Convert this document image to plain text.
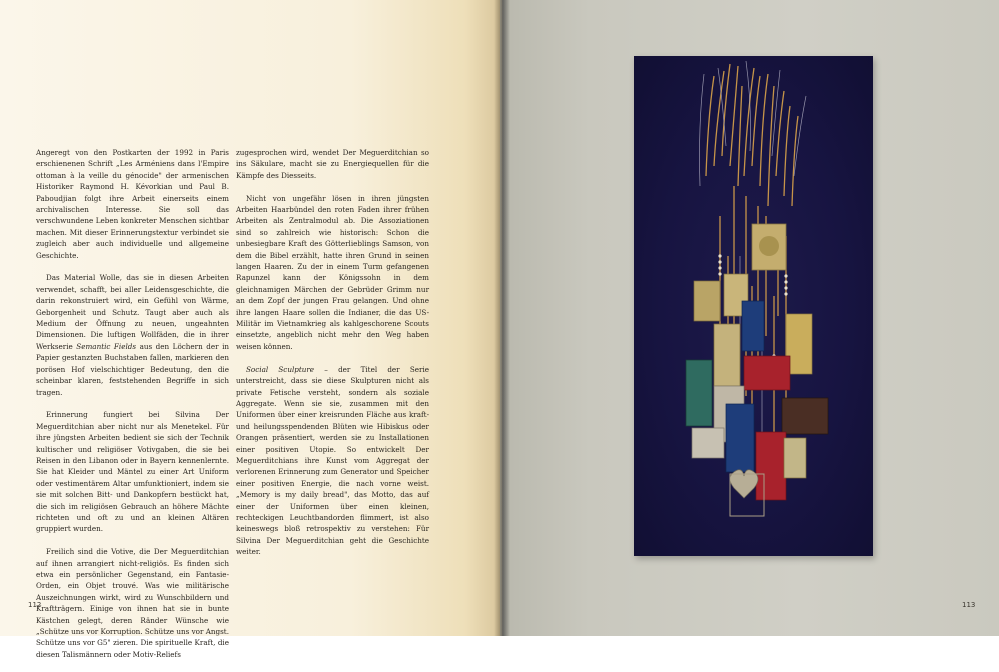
Angeregt von den Postkarten der 1992 in Paris erschienenen Schrift „Les Arméniens dans l'Empire ottoman à la veille du génocide" der armenischen Historiker Raymond H. Kévorkian und Paul B. Paboudjian folgt ihre Arbeit einerseits einem archivalischen Interesse. Sie soll das verschwundene Leben konkreter Menschen sichtbar machen. Mit dieser Erinnerungstextur verbindet sie zugleich aber auch individuelle und allgemeine Geschichte.

Das Material Wolle, das sie in diesen Arbeiten verwendet, schafft, bei aller Leidensgeschichte, die darin rekonstruiert wird, ein Gefühl von Wärme, Geborgenheit und Schutz. Taugt aber auch als Medium der Öffnung zu neuen, ungeahnten Dimensionen. Die luftigen Wollfäden, die in ihrer Werkserie Semantic Fields aus den Löchern der in Papier gestanzten Buchstaben fallen, markieren den porösen Hof vielschichtiger Bedeutung, den die scheinbar klaren, feststehenden Begriffe in sich tragen.

Erinnerung fungiert bei Silvina Der Meguerditchian aber nicht nur als Menetekel. Für ihre jüngsten Arbeiten bedient sie sich der Technik kultischer und religiöser Votivgaben, die sie bei Reisen in den Libanon oder in Bayern kennenlernte. Sie hat Kleider und Mäntel zu einer Art Uniform oder vestimentärem Altar umfunktioniert, indem sie sie mit solchen Bitt- und Dankopfern bestückt hat, die sich im religiösen Gebrauch an höhere Mächte richteten und oft zu und an kleinen Altären gruppiert wurden.

Freilich sind die Votive, die Der Meguerditchian auf ihnen arrangiert nicht-religiös. Es finden sich etwa ein persönlicher Gegenstand, ein Fantasie-Orden, ein Objet trouvé. Was wie militärische Auszeichnungen wirkt, wird zu Wunschbildern und Kraftträgern. Einige von ihnen hat sie in bunte Kästchen gelegt, deren Ränder Wünsche wie „Schütze uns vor Korruption. Schütze uns vor Angst. Schütze uns vor G5" zieren. Die spirituelle Kraft, die diesen Talismännern oder Motiv-Reliefs

zugesprochen wird, wendet Der Meguerditchian so ins Säkulare, macht sie zu Energiequellen für die Kämpfe des Diesseits.

Nicht von ungefähr lösen in ihren jüngsten Arbeiten Haarbündel den roten Faden ihrer frühen Arbeiten als Zentralmodul ab. Die Assoziationen sind so zahlreich wie historisch: Schon die unbesiegbare Kraft des Götterlieblings Samson, von dem die Bibel erzählt, hatte ihren Grund in seinen langen Haaren. Zu der in einem Turm gefangenen Rapunzel kann der Königssohn in dem gleichnamigen Märchen der Gebrüder Grimm nur an dem Zopf der jungen Frau gelangen. Und ohne ihre langen Haare sollen die Indianer, die das US-Militär im Vietnamkrieg als kahlgeschorene Scouts einsetzte, angeblich nicht mehr den Weg haben weisen können.

Social Sculpture – der Titel der Serie unterstreicht, dass sie diese Skulpturen nicht als private Fetische versteht, sondern als soziale Aggregate. Wenn sie sie, zusammen mit den Uniformen über einer kreisrunden Fläche aus kraft- und heilungsspendenden Blüten wie Hibiskus oder Orangen präsentiert, werden sie zu Installationen einer positiven Utopie. So entwickelt Der Meguerditchians ihre Kunst vom Aggregat der verlorenen Erinnerung zum Generator und Speicher einer positiven Energie, die nach vorne weist. „Memory is my daily bread", das Motto, das auf einer der Uniformen über einen kleinen, rechteckigen Leuchtbandorden flimmert, ist also keineswegs bloß retrospektiv zu verstehen: Für Silvina Der Meguerditchian geht die Geschichte weiter.

112	113
